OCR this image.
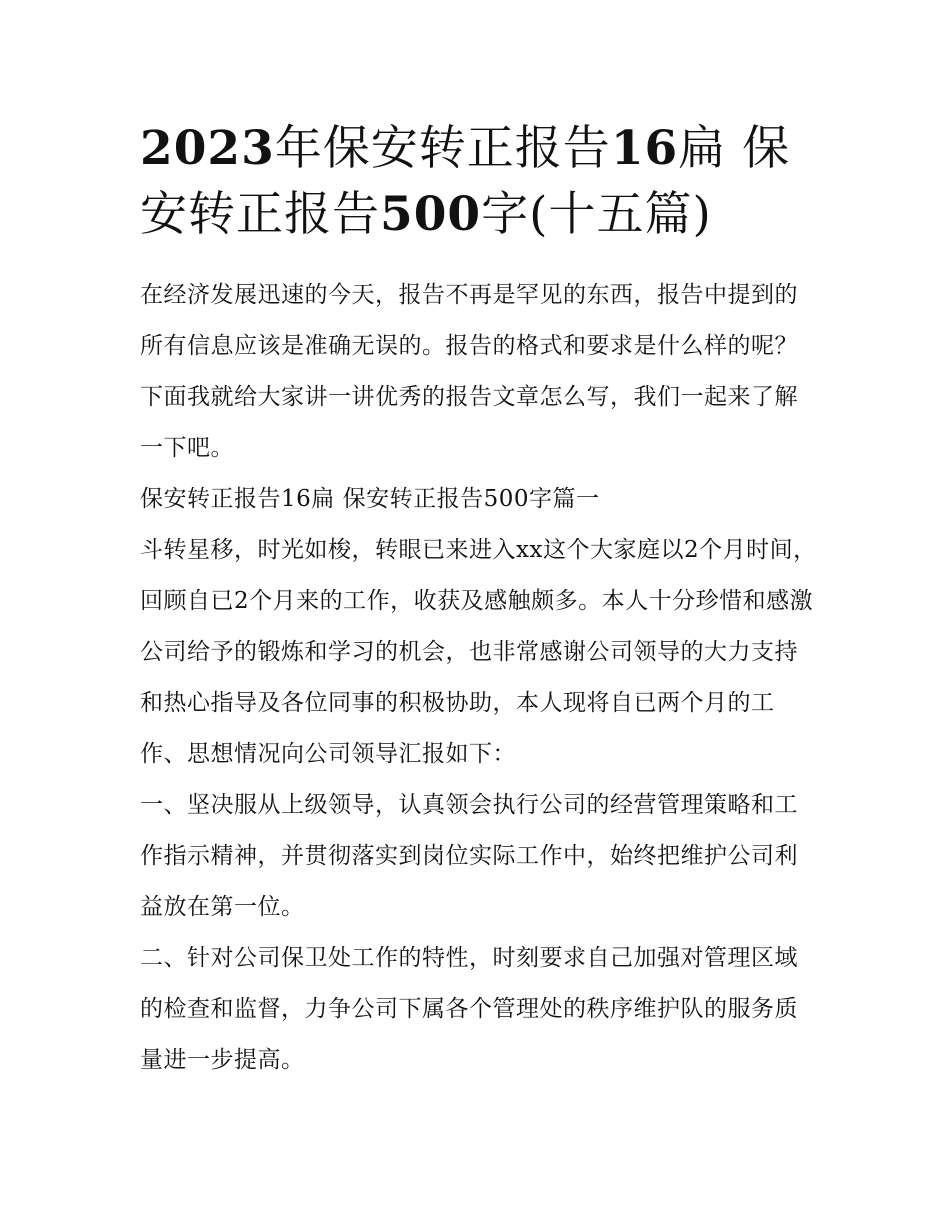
2023年保安转正报告16扁 保
安转正报告500字(十五篇)

在经济发展迅速的今天，报告不再是罕见的东西，报告中提到的所有信息应该是准确无误的。报告的格式和要求是什么样的呢？下面我就给大家讲一讲优秀的报告文章怎么写，我们一起来了解一下吧。

保安转正报告16扁 保安转正报告500字篇一

斗转星移，时光如梭，转眼已来进入xx这个大家庭以2个月时间，回顾自已2个月来的工作，收获及感触颇多。本人十分珍惜和感激公司给予的锻炼和学习的机会，也非常感谢公司领导的大力支持和热心指导及各位同事的积极协助，本人现将自已两个月的工作、思想情况向公司领导汇报如下：

一、坚决服从上级领导，认真领会执行公司的经营管理策略和工作指示精神，并贯彻落实到岗位实际工作中，始终把维护公司利益放在第一位。

二、针对公司保卫处工作的特性，时刻要求自己加强对管理区域的检查和监督，力争公司下属各个管理处的秩序维护队的服务质量进一步提高。
